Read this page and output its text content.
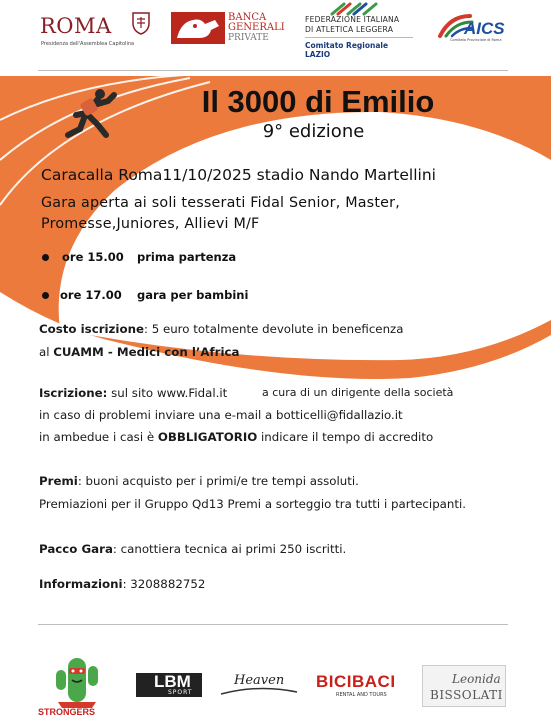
ROMA
Presidenza dell'Assemblea Capitolina
BANCA
GENERALI
PRIVATE
FEDERAZIONE ITALIANA
DI ATLETICA LEGGERA
Comitato Regionale LAZIO
AICS
Comitato Provinciale di Roma
Il 3000 di Emilio
9° edizione
Caracalla Roma11/10/2025 stadio Nando Martellini
Gara aperta ai soli tesserati Fidal Senior, Master,
Promesse,Juniores, Allievi M/F
ore 15.00 prima partenza
ore 17.00 gara per bambini
Costo iscrizione: 5 euro totalmente devolute in beneficenza
al CUAMM - Medici con l’Africa
Iscrizione: sul sito www.Fidal.it	a cura di un dirigente della società
in caso di problemi inviare una e-mail a botticelli@fidallazio.it
in ambedue i casi è OBBLIGATORIO indicare il tempo di accredito
Premi: buoni acquisto per i primi/e tre tempi assoluti.
Premiazioni per il Gruppo Qd13 Premi a sorteggio tra tutti i partecipanti.
Pacco Gara: canottiera tecnica ai primi 250 iscritti.
Informazioni: 3208882752
STRONGERS
LBM
SPORT
Heaven BICIBACI
RENTAL AND TOURS
Leonida
BISSOLATI
